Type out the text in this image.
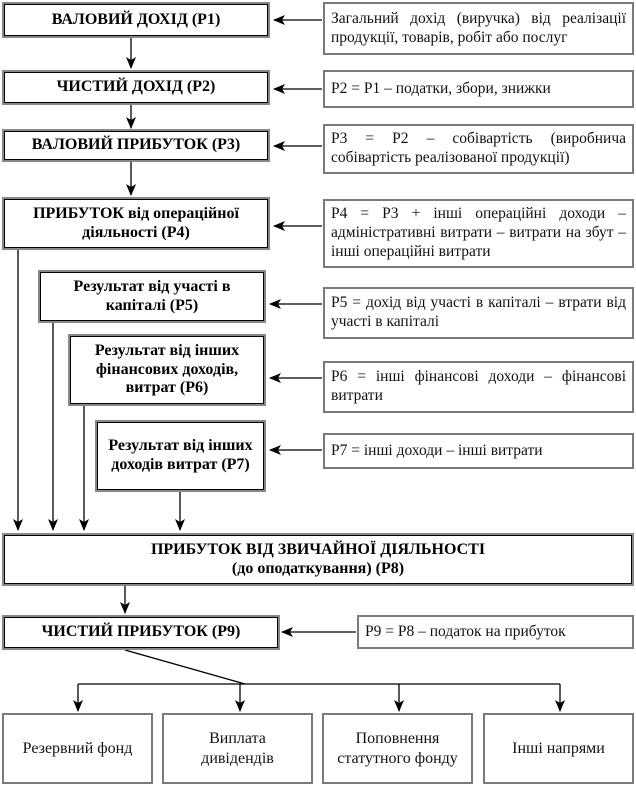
ВАЛОВИЙ ДОХІД (Р1)
ЧИСТИЙ ДОХІД (Р2)
ВАЛОВИЙ ПРИБУТОК (Р3)
ПРИБУТОК від операційної діяльності (Р4)
Результат від участі в капіталі (Р5)
Результат від інших фінансових доходів, витрат (Р6)
Результат від інших доходів витрат (Р7)
ПРИБУТОК ВІД ЗВИЧАЙНОЇ ДІЯЛЬНОСТІ
(до оподаткування) (Р8)
ЧИСТИЙ ПРИБУТОК (Р9)
Загальний дохід (виручка) від реалізації продукції, товарів, робіт або послуг
Р2 = Р1 – податки, збори, знижки
Р3 = Р2 – собівартість (виробнича собівартість реалізованої продукції)
Р4 = Р3 + інші операційні доходи – адміністративні витрати – витрати на збут – інші операційні витрати
Р5 = дохід від участі в капіталі – втрати від участі в капіталі
Р6 = інші фінансові доходи – фінансові витрати
Р7 = інші доходи – інші витрати
Р9 = Р8 – податок на прибуток
Резервний фонд
Виплата дивідендів
Поповнення статутного фонду
Інші напрями
